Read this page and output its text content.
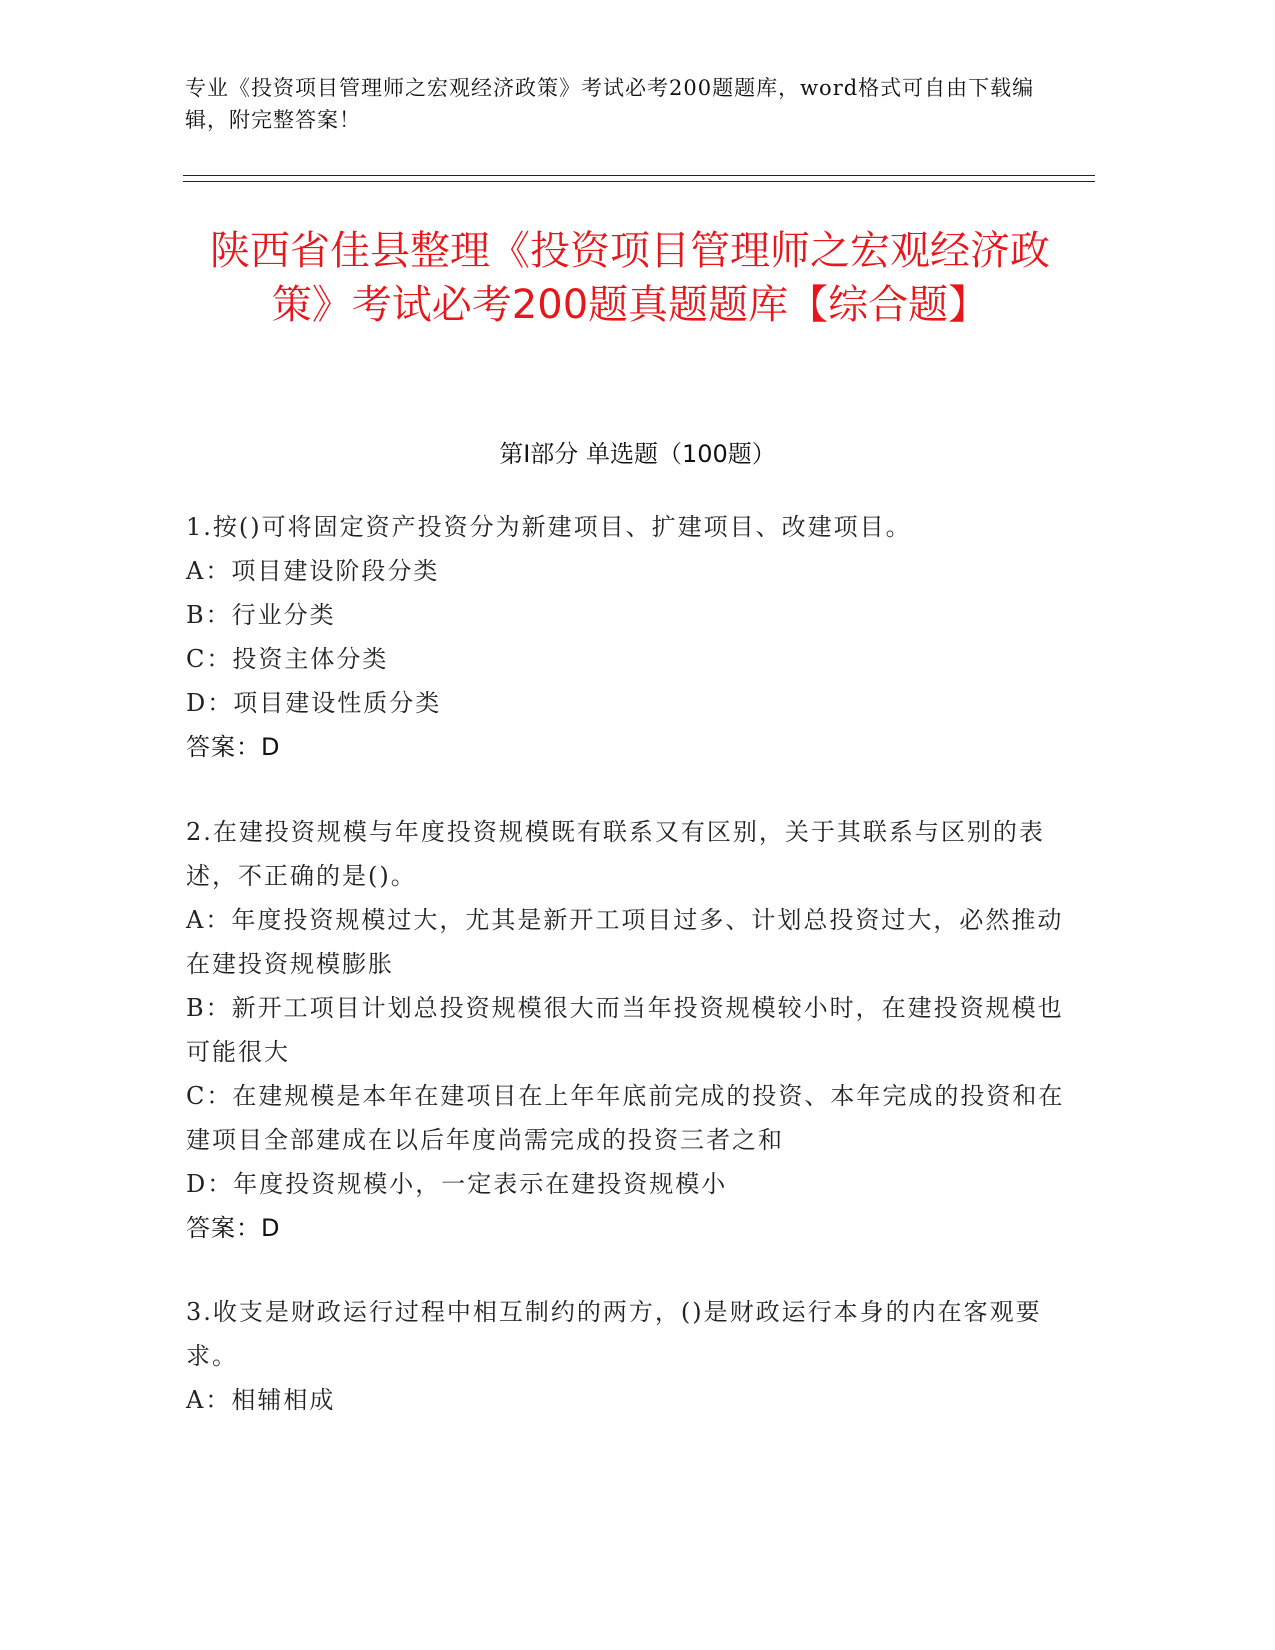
专业《投资项目管理师之宏观经济政策》考试必考200题题库，word格式可自由下载编辑，附完整答案！
陕西省佳县整理《投资项目管理师之宏观经济政策》考试必考200题真题题库【综合题】
第I部分 单选题（100题）
1.按()可将固定资产投资分为新建项目、扩建项目、改建项目。
A：项目建设阶段分类
B：行业分类
C：投资主体分类
D：项目建设性质分类
答案：D
2.在建投资规模与年度投资规模既有联系又有区别，关于其联系与区别的表述，不正确的是()。
A：年度投资规模过大，尤其是新开工项目过多、计划总投资过大，必然推动在建投资规模膨胀
B：新开工项目计划总投资规模很大而当年投资规模较小时，在建投资规模也可能很大
C：在建规模是本年在建项目在上年年底前完成的投资、本年完成的投资和在建项目全部建成在以后年度尚需完成的投资三者之和
D：年度投资规模小，一定表示在建投资规模小
答案：D
3.收支是财政运行过程中相互制约的两方，()是财政运行本身的内在客观要求。
A：相辅相成
